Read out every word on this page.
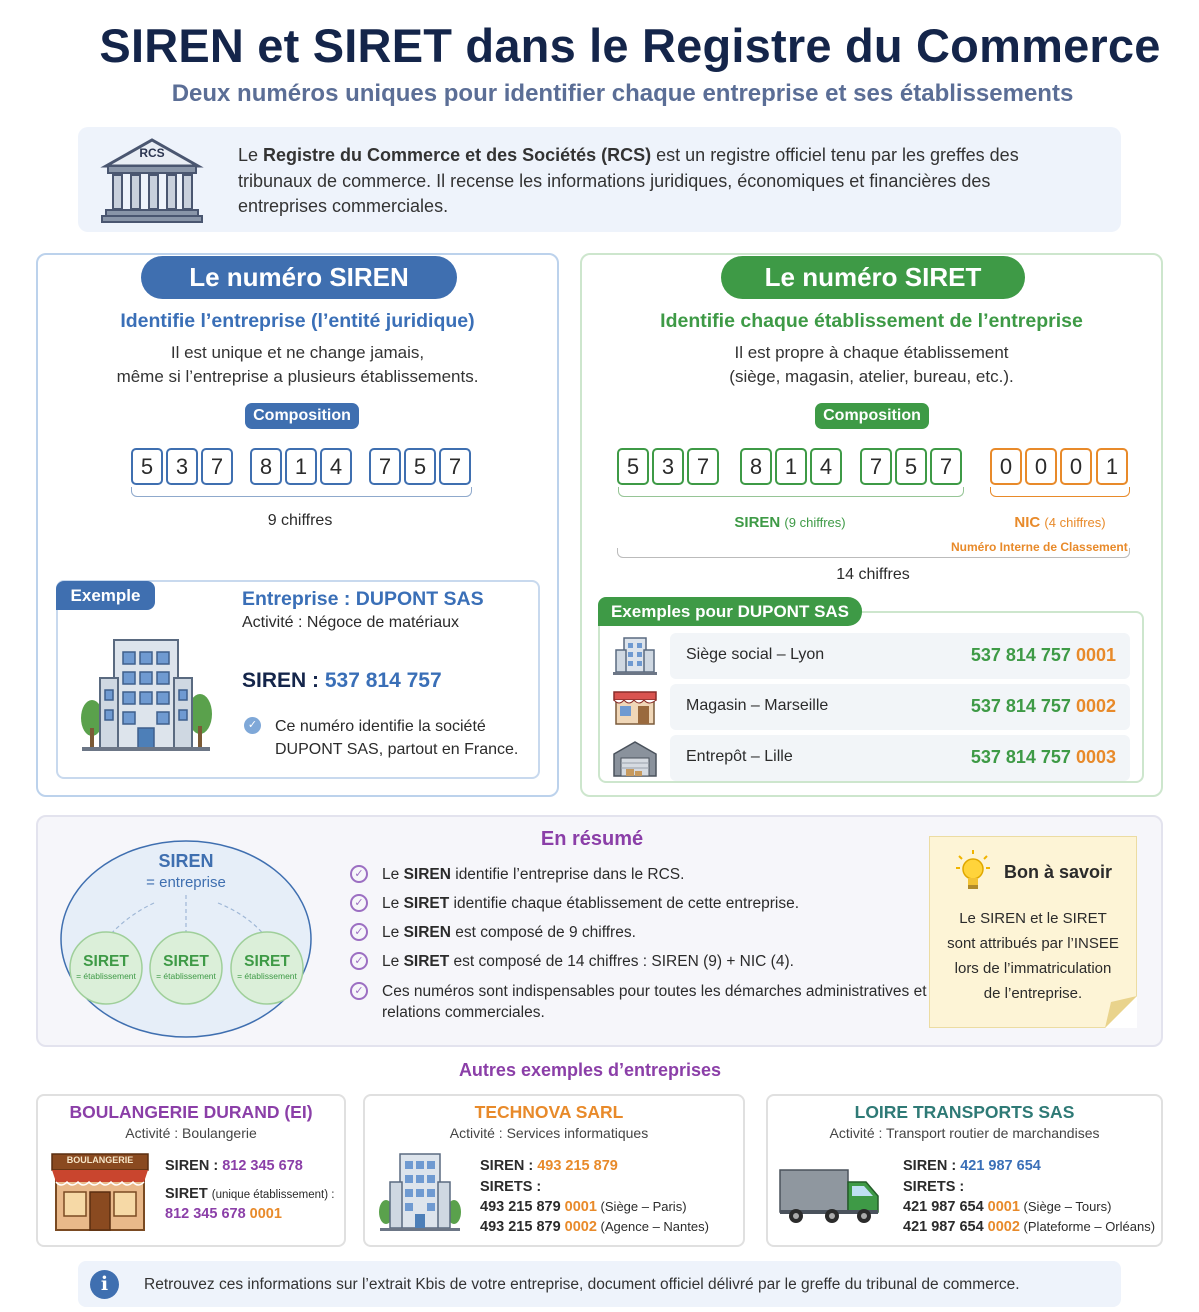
SIREN et SIRET dans le Registre du Commerce
Deux numéros uniques pour identifier chaque entreprise et ses établissements
RCS	Le Registre du Commerce et des Sociétés (RCS) est un registre officiel tenu par les greffes des tribunaux de commerce. Il recense les informations juridiques, économiques et financières des entreprises commerciales.
Le numéro SIREN
Identifie l’entreprise (l’entité juridique)
Il est unique et ne change jamais,
même si l’entreprise a plusieurs établissements.
Composition
5	3	7	8	1	4	7	5	7
9 chiffres
Exemple	Entreprise : DUPONT SAS
Activité : Négoce de matériaux
SIREN : 537 814 757
✓ Ce numéro identifie la société
DUPONT SAS, partout en France.
Le numéro SIRET
Identifie chaque établissement de l’entreprise
Il est propre à chaque établissement
(siège, magasin, atelier, bureau, etc.).
Composition
5	3	7	8	1	4	7	5	7	0	0	0	1
SIREN (9 chiffres)	NIC (4 chiffres)
Numéro Interne de Classement
14 chiffres
Exemples pour DUPONT SAS
Siège social – Lyon	537 814 757 0001
Magasin – Marseille	537 814 757 0002
Entrepôt – Lille	537 814 757 0003
En résumé
SIREN
= entreprise
SIRET
= établissement
SIRET
= établissement
SIRET
= établissement
✓ Le SIREN identifie l’entreprise dans le RCS.
✓ Le SIRET identifie chaque établissement de cette entreprise.
✓ Le SIREN est composé de 9 chiffres.
✓ Le SIRET est composé de 14 chiffres : SIREN (9) + NIC (4).
✓ Ces numéros sont indispensables pour toutes les démarches administratives et relations commerciales.
Bon à savoir
Le SIREN et le SIRET
sont attribués par l’INSEE
lors de l’immatriculation
de l’entreprise.
Autres exemples d’entreprises
BOULANGERIE DURAND (EI)
Activité : Boulangerie
BOULANGERIE	SIREN : 812 345 678
SIRET (unique établissement) :
812 345 678 0001
TECHNOVA SARL
Activité : Services informatiques
SIREN : 493 215 879
SIRETS :
493 215 879 0001 (Siège – Paris)
493 215 879 0002 (Agence – Nantes)
LOIRE TRANSPORTS SAS
Activité : Transport routier de marchandises
SIREN : 421 987 654
SIRETS :
421 987 654 0001 (Siège – Tours)
421 987 654 0002 (Plateforme – Orléans)
i	Retrouvez ces informations sur l’extrait Kbis de votre entreprise, document officiel délivré par le greffe du tribunal de commerce.
